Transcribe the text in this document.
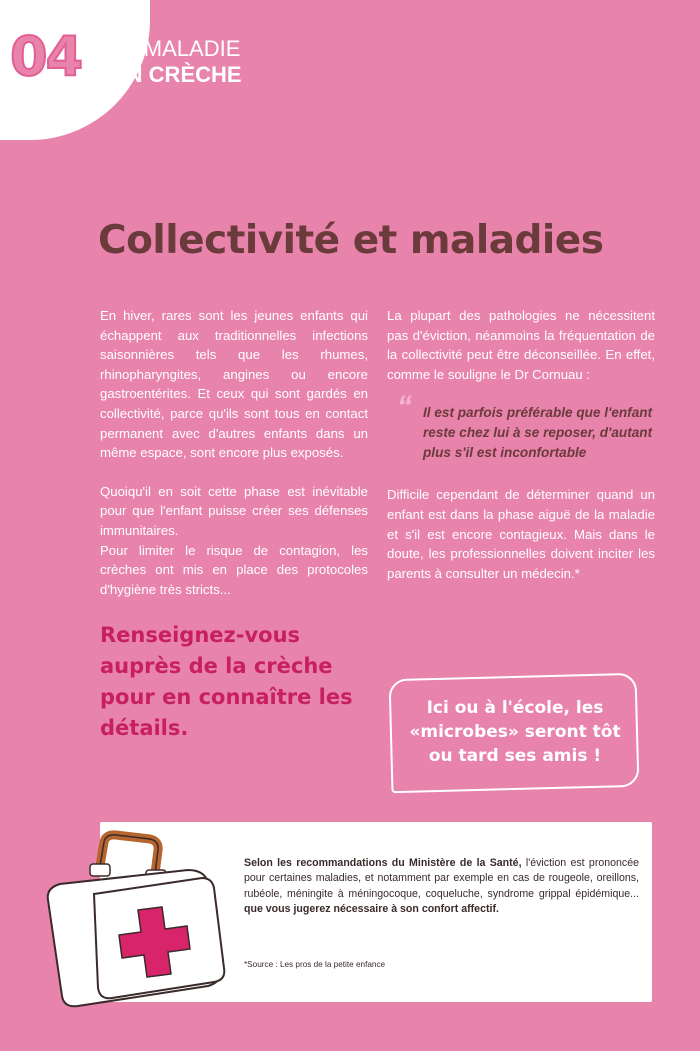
04 LA MALADIE
EN CRÈCHE
Collectivité et maladies

En hiver, rares sont les jeunes enfants qui échappent aux traditionnelles infections saisonnières tels que les rhumes, rhinopharyngites, angines ou encore gastroentérites. Et ceux qui sont gardés en collectivité, parce qu'ils sont tous en contact permanent avec d'autres enfants dans un même espace, sont encore plus exposés.

Quoiqu'il en soit cette phase est inévitable pour que l'enfant puisse créer ses défenses immunitaires.

Pour limiter le risque de contagion, les crèches ont mis en place des protocoles d'hygiène très stricts...

Renseignez-vous auprès de la crèche pour en connaître les détails.

La plupart des pathologies ne nécessitent pas d'éviction, néanmoins la fréquentation de la collectivité peut être déconseillée. En effet, comme le souligne le Dr Cornuau :

“ Il est parfois préférable que l'enfant reste chez lui à se reposer, d'autant plus s'il est inconfortable

Difficile cependant de déterminer quand un enfant est dans la phase aiguë de la maladie et s'il est encore contagieux. Mais dans le doute, les professionnelles doivent inciter les parents à consulter un médecin.*

Ici ou à l'école, les «microbes» seront tôt ou tard ses amis !
Selon les recommandations du Ministère de la Santé, l'éviction est prononcée pour certaines maladies, et notamment par exemple en cas de rougeole, oreillons, rubéole, méningite à méningocoque, coqueluche, syndrome grippal épidémique... que vous jugerez nécessaire à son confort affectif.
*Source : Les pros de la petite enfance
